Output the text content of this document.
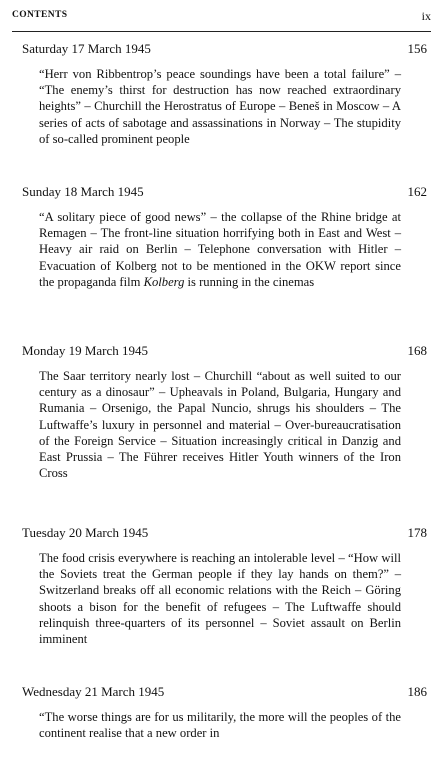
CONTENTS	ix
Saturday 17 March 1945	156
“Herr von Ribbentrop’s peace soundings have been a total failure” – “The enemy’s thirst for destruction has now reached extraordinary heights” – Churchill the Herostratus of Europe – Beneš in Moscow – A series of acts of sabotage and assassinations in Norway – The stupidity of so-called prominent people
Sunday 18 March 1945	162
“A solitary piece of good news” – the collapse of the Rhine bridge at Remagen – The front-line situation horrifying both in East and West – Heavy air raid on Berlin – Telephone conversation with Hitler – Evacuation of Kolberg not to be mentioned in the OKW report since the propaganda film Kolberg is running in the cinemas
Monday 19 March 1945	168
The Saar territory nearly lost – Churchill “about as well suited to our century as a dinosaur” – Upheavals in Poland, Bulgaria, Hungary and Rumania – Orsenigo, the Papal Nuncio, shrugs his shoulders – The Luftwaffe’s luxury in personnel and material – Over-bureaucratisation of the Foreign Service – Situation increasingly critical in Danzig and East Prussia – The Führer receives Hitler Youth winners of the Iron Cross
Tuesday 20 March 1945	178
The food crisis everywhere is reaching an intolerable level – “How will the Soviets treat the German people if they lay hands on them?” – Switzerland breaks off all economic relations with the Reich – Göring shoots a bison for the benefit of refugees – The Luftwaffe should relinquish three-quarters of its personnel – Soviet assault on Berlin imminent
Wednesday 21 March 1945	186
“The worse things are for us militarily, the more will the peoples of the continent realise that a new order in
